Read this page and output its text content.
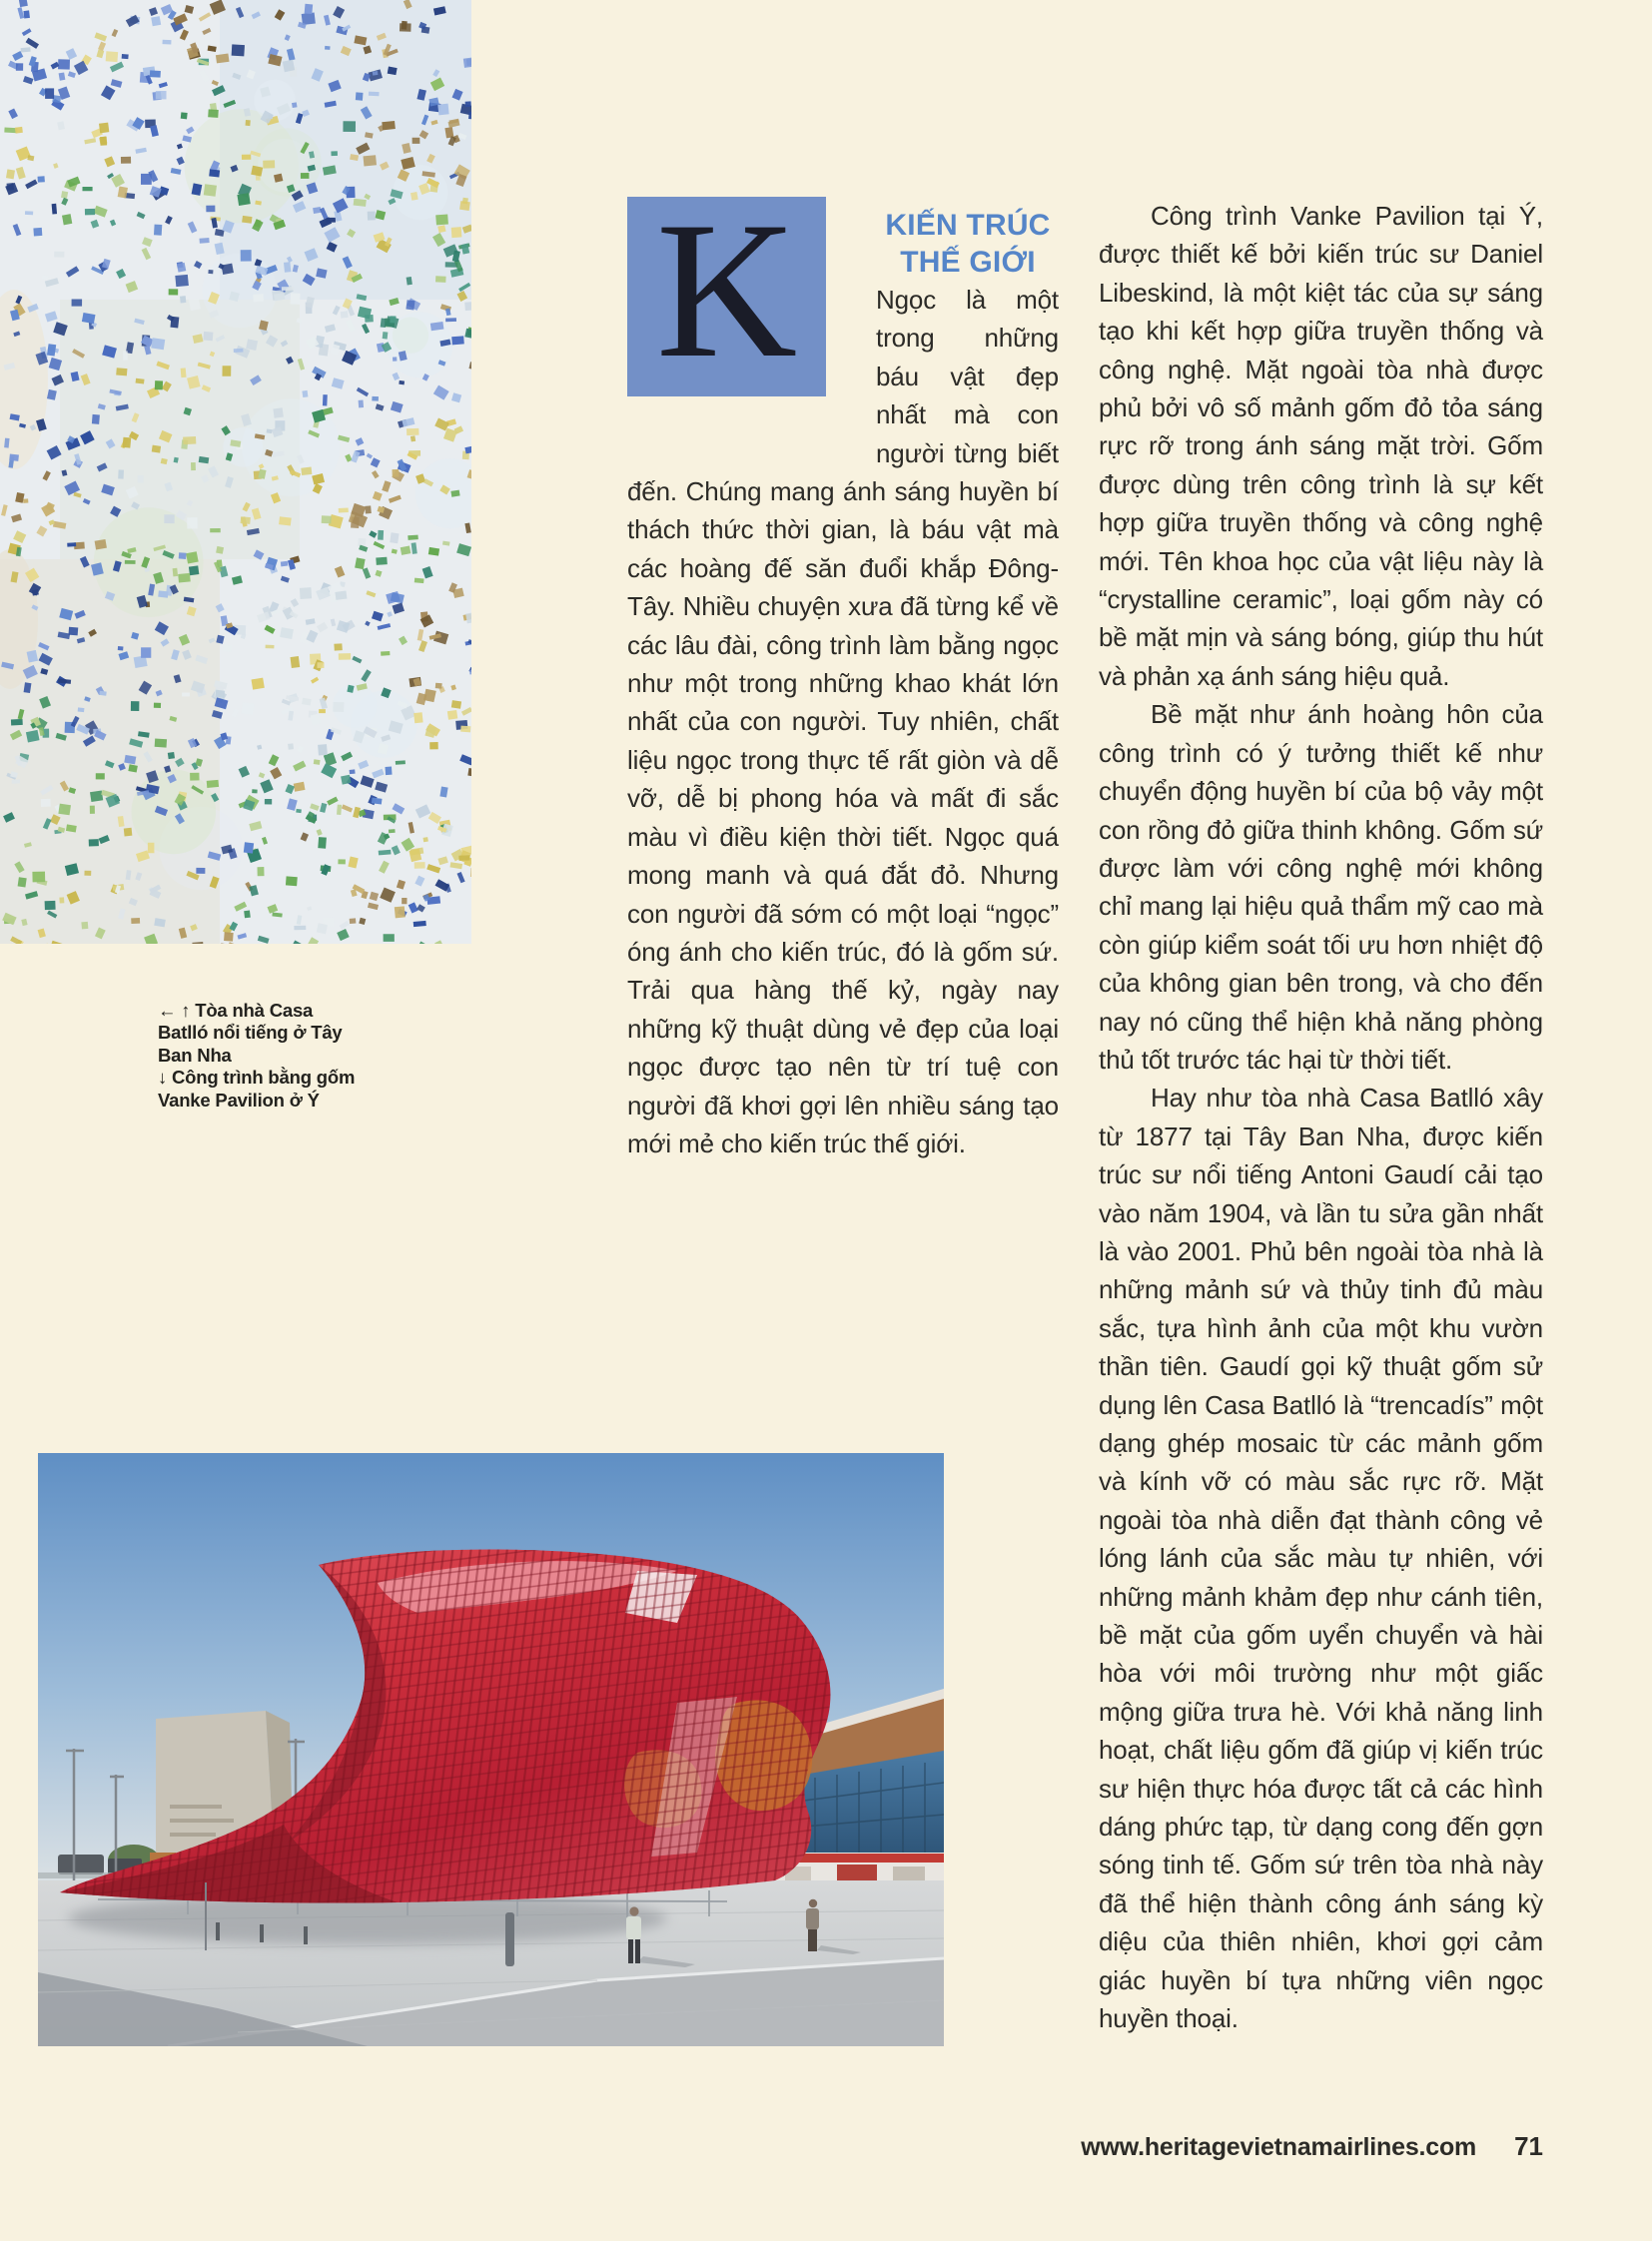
← ↑ Tòa nhà Casa
Batlló nổi tiếng ở Tây
Ban Nha
↓ Công trình bằng gốm
Vanke Pavilion ở Ý
K	KIẾN TRÚC
THẾ GIỚI

Ngọc là một trong những báu vật đẹp nhất mà con người từng biết đến. Chúng mang ánh sáng huyền bí thách thức thời gian, là báu vật mà các hoàng đế săn đuổi khắp Đông-Tây. Nhiều chuyện xưa đã từng kể về các lâu đài, công trình làm bằng ngọc như một trong những khao khát lớn nhất của con người. Tuy nhiên, chất liệu ngọc trong thực tế rất giòn và dễ vỡ, dễ bị phong hóa và mất đi sắc màu vì điều kiện thời tiết. Ngọc quá mong manh và quá đắt đỏ. Nhưng con người đã sớm có một loại “ngọc” óng ánh cho kiến trúc, đó là gốm sứ. Trải qua hàng thế kỷ, ngày nay những kỹ thuật dùng vẻ đẹp của loại ngọc được tạo nên từ trí tuệ con người đã khơi gợi lên nhiều sáng tạo mới mẻ cho kiến trúc thế giới.

Công trình Vanke Pavilion tại Ý, được thiết kế bởi kiến trúc sư Daniel Libeskind, là một kiệt tác của sự sáng tạo khi kết hợp giữa truyền thống và công nghệ. Mặt ngoài tòa nhà được phủ bởi vô số mảnh gốm đỏ tỏa sáng rực rỡ trong ánh sáng mặt trời. Gốm được dùng trên công trình là sự kết hợp giữa truyền thống và công nghệ mới. Tên khoa học của vật liệu này là “crystalline ceramic”, loại gốm này có bề mặt mịn và sáng bóng, giúp thu hút và phản xạ ánh sáng hiệu quả.

Bề mặt như ánh hoàng hôn của công trình có ý tưởng thiết kế như chuyển động huyền bí của bộ vảy một con rồng đỏ giữa thinh không. Gốm sứ được làm với công nghệ mới không chỉ mang lại hiệu quả thẩm mỹ cao mà còn giúp kiểm soát tối ưu hơn nhiệt độ của không gian bên trong, và cho đến nay nó cũng thể hiện khả năng phòng thủ tốt trước tác hại từ thời tiết.

Hay như tòa nhà Casa Batlló xây từ 1877 tại Tây Ban Nha, được kiến trúc sư nổi tiếng Antoni Gaudí cải tạo vào năm 1904, và lần tu sửa gần nhất là vào 2001. Phủ bên ngoài tòa nhà là những mảnh sứ và thủy tinh đủ màu sắc, tựa hình ảnh của một khu vườn thần tiên. Gaudí gọi kỹ thuật gốm sử dụng lên Casa Batlló là “trencadís” một dạng ghép mosaic từ các mảnh gốm và kính vỡ có màu sắc rực rỡ. Mặt ngoài tòa nhà diễn đạt thành công vẻ lóng lánh của sắc màu tự nhiên, với những mảnh khảm đẹp như cánh tiên, bề mặt của gốm uyển chuyển và hài hòa với môi trường như một giấc mộng giữa trưa hè. Với khả năng linh hoạt, chất liệu gốm đã giúp vị kiến trúc sư hiện thực hóa được tất cả các hình dáng phức tạp, từ dạng cong đến gợn sóng tinh tế. Gốm sứ trên tòa nhà này đã thể hiện thành công ánh sáng kỳ diệu của thiên nhiên, khơi gợi cảm giác huyền bí tựa những viên ngọc huyền thoại.

www.heritagevietnamairlines.com 71
